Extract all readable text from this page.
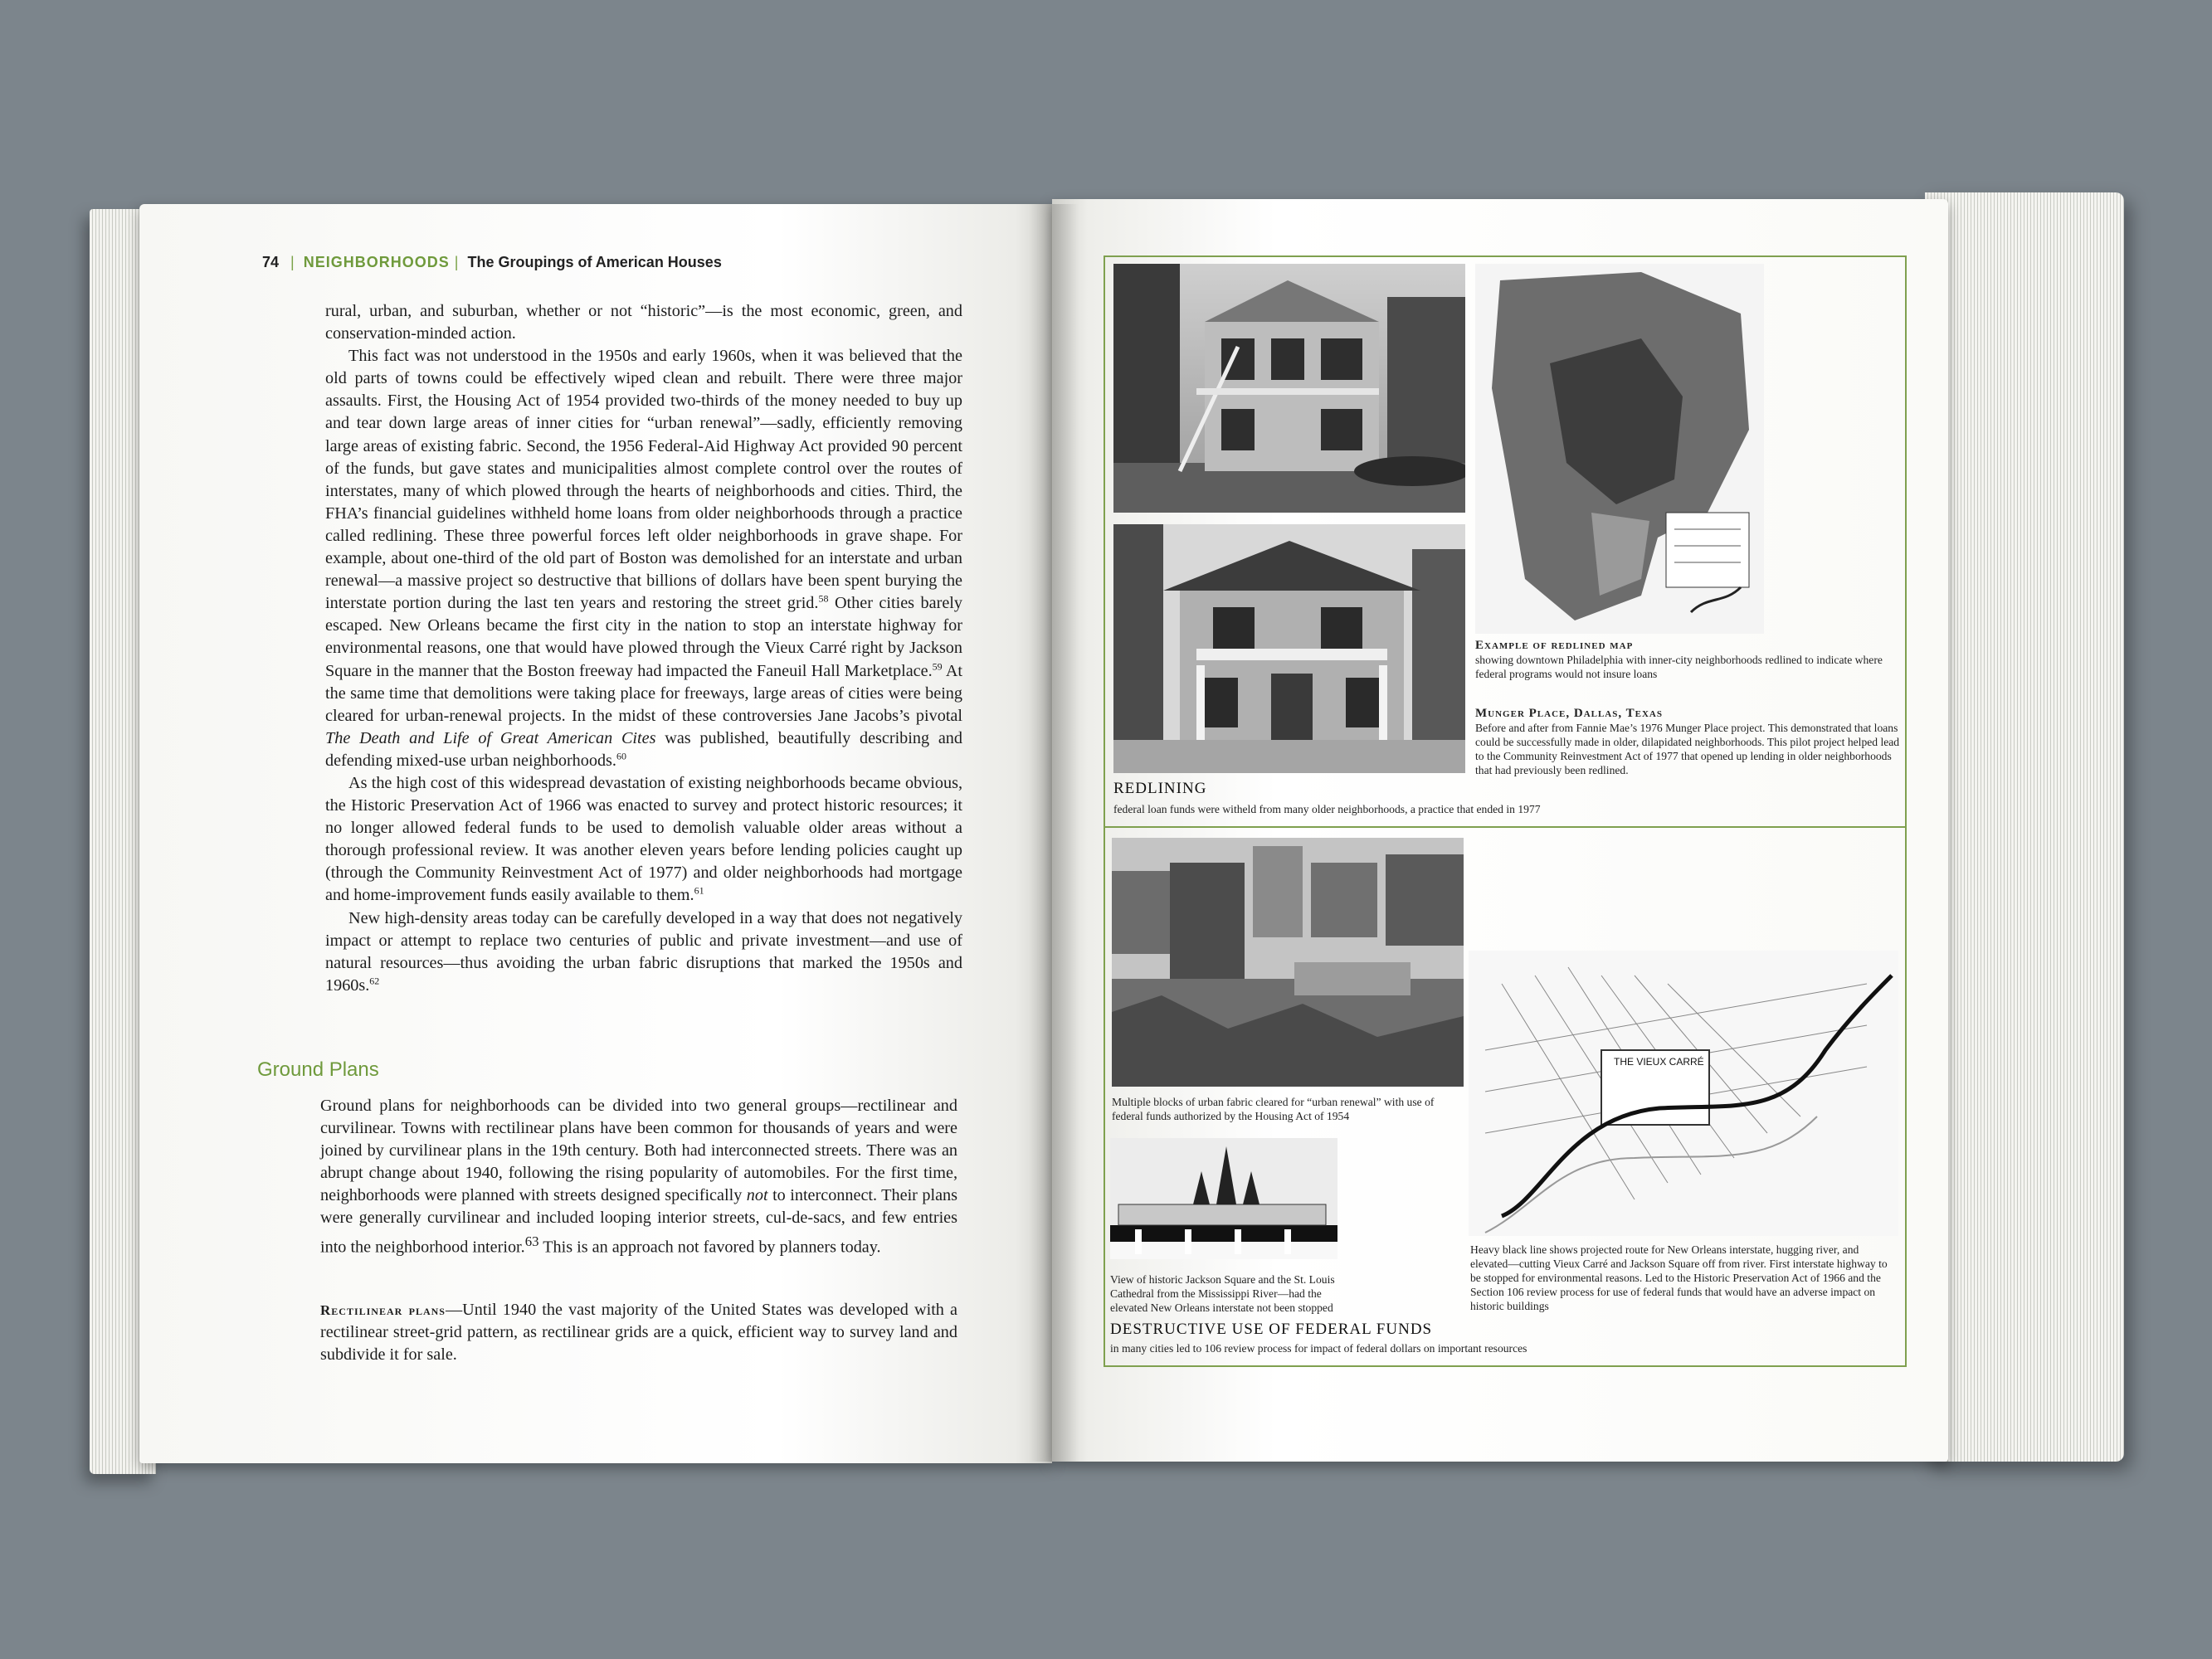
74 | NEIGHBORHOODS | The Groupings of American Houses

rural, urban, and suburban, whether or not “historic”—is the most economic, green, and conservation-minded action.

This fact was not understood in the 1950s and early 1960s, when it was believed that the old parts of towns could be effectively wiped clean and rebuilt. There were three major assaults. First, the Housing Act of 1954 provided two-thirds of the money needed to buy up and tear down large areas of inner cities for “urban renewal”—sadly, efficiently removing large areas of existing fabric. Second, the 1956 Federal-Aid Highway Act provided 90 percent of the funds, but gave states and municipalities almost complete control over the routes of interstates, many of which plowed through the hearts of neighborhoods and cities. Third, the FHA’s financial guidelines withheld home loans from older neighborhoods through a practice called redlining. These three powerful forces left older neighborhoods in grave shape. For example, about one-third of the old part of Boston was demolished for an interstate and urban renewal—a massive project so destructive that billions of dollars have been spent burying the interstate portion during the last ten years and restoring the street grid.$^{58}$ Other cities barely escaped. New Orleans became the first city in the nation to stop an interstate highway for environmental reasons, one that would have plowed through the Vieux Carré right by Jackson Square in the manner that the Boston freeway had impacted the Faneuil Hall Marketplace.$^{59}$ At the same time that demolitions were taking place for freeways, large areas of cities were being cleared for urban-renewal projects. In the midst of these controversies Jane Jacobs’s pivotal The Death and Life of Great American Cites was published, beautifully describing and defending mixed-use urban neighborhoods.$^{60}$

As the high cost of this widespread devastation of existing neighborhoods became obvious, the Historic Preservation Act of 1966 was enacted to survey and protect historic resources; it no longer allowed federal funds to be used to demolish valuable older areas without a thorough professional review. It was another eleven years before lending policies caught up (through the Community Reinvestment Act of 1977) and older neighborhoods had mortgage and home-improvement funds easily available to them.$^{61}$

New high-density areas today can be carefully developed in a way that does not negatively impact or attempt to replace two centuries of public and private investment—and use of natural resources—thus avoiding the urban fabric disruptions that marked the 1950s and 1960s.$^{62}$

Ground Plans

Ground plans for neighborhoods can be divided into two general groups—rectilinear and curvilinear. Towns with rectilinear plans have been common for thousands of years and were joined by curvilinear plans in the 19th century. Both had interconnected streets. There was an abrupt change about 1940, following the rising popularity of automobiles. For the first time, neighborhoods were planned with streets designed specifically not to interconnect. Their plans were generally curvilinear and included looping interior streets, cul-de-sacs, and few entries into the neighborhood interior.$^{63}$ This is an approach not favored by planners today.

Rectilinear plans—Until 1940 the vast majority of the United States was developed with a rectilinear street-grid pattern, as rectilinear grids are a quick, efficient way to survey land and subdivide it for sale.

Example of redlined map
showing downtown Philadelphia with inner-city neighborhoods redlined to indicate where federal programs would not insure loans
Munger Place, Dallas, Texas
Before and after from Fannie Mae’s 1976 Munger Place project. This demonstrated that loans could be successfully made in older, dilapidated neighborhoods. This pilot project helped lead to the Community Reinvestment Act of 1977 that opened up lending in older neighborhoods that had previously been redlined.
REDLINING
federal loan funds were witheld from many older neighborhoods, a practice that ended in 1977
Multiple blocks of urban fabric cleared for “urban renewal” with use of federal funds authorized by the Housing Act of 1954
View of historic Jackson Square and the St. Louis Cathedral from the Mississippi River—had the elevated New Orleans interstate not been stopped
THE VIEUX CARRÉ
Heavy black line shows projected route for New Orleans interstate, hugging river, and elevated—cutting Vieux Carré and Jackson Square off from river. First interstate highway to be stopped for environmental reasons. Led to the Historic Preservation Act of 1966 and the Section 106 review process for use of federal funds that would have an adverse impact on historic buildings
DESTRUCTIVE USE OF FEDERAL FUNDS
in many cities led to 106 review process for impact of federal dollars on important resources
